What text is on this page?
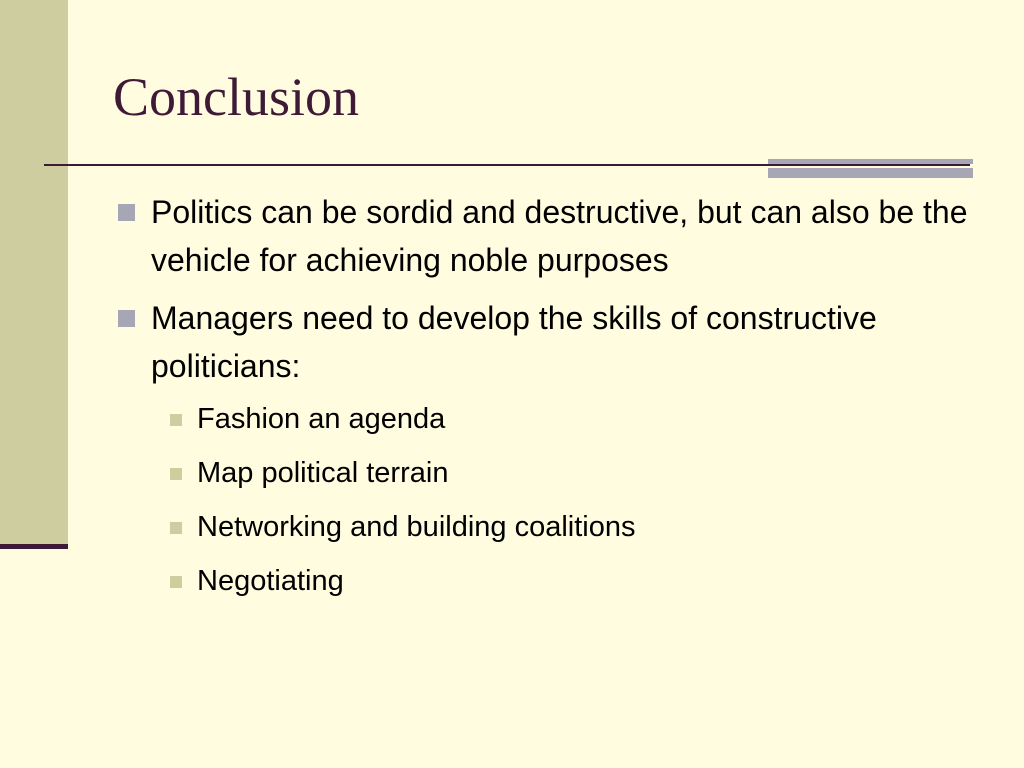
Conclusion
Politics can be sordid and destructive, but can also be the vehicle for achieving noble purposes
Managers need to develop the skills of constructive politicians:
Fashion an agenda
Map political terrain
Networking and building coalitions
Negotiating
